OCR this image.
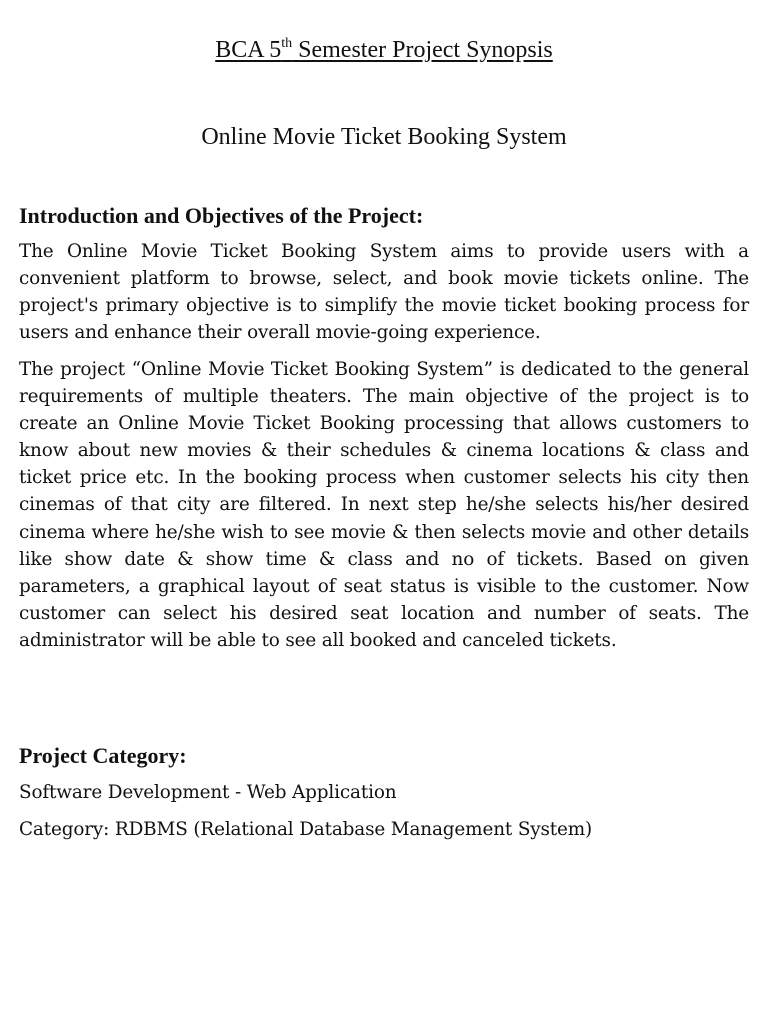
BCA 5th Semester Project Synopsis
Online Movie Ticket Booking System
Introduction and Objectives of the Project:

The Online Movie Ticket Booking System aims to provide users with a convenient platform to browse, select, and book movie tickets online. The project's primary objective is to simplify the movie ticket booking process for users and enhance their overall movie-going experience.

The project “Online Movie Ticket Booking System” is dedicated to the general requirements of multiple theaters. The main objective of the project is to create an Online Movie Ticket Booking processing that allows customers to know about new movies & their schedules & cinema locations & class and ticket price etc. In the booking process when customer selects his city then cinemas of that city are filtered. In next step he/she selects his/her desired cinema where he/she wish to see movie & then selects movie and other details like show date & show time & class and no of tickets. Based on given parameters, a graphical layout of seat status is visible to the customer. Now customer can select his desired seat location and number of seats. The administrator will be able to see all booked and canceled tickets.

Project Category:

Software Development - Web Application

Category: RDBMS (Relational Database Management System)
